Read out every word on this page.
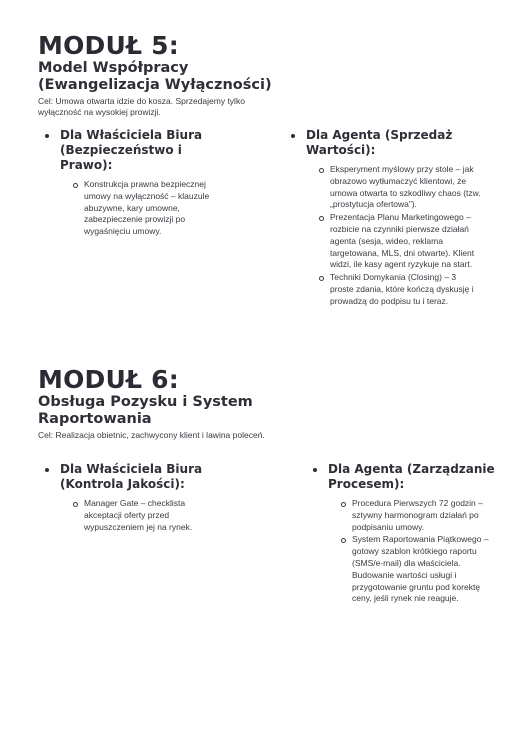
MODUŁ 5:
Model Współpracy (Ewangelizacja Wyłączności)

Cel: Umowa otwarta idzie do kosza. Sprzedajemy tylko wyłączność na wysokiej prowizji.

Dla Właściciela Biura (Bezpieczeństwo i Prawo):
Konstrukcja prawna bezpiecznej umowy na wyłączność – klauzule abuzywne, kary umowne, zabezpieczenie prowizji po wygaśnięciu umowy.
Dla Agenta (Sprzedaż Wartości):
Eksperyment myślowy przy stole – jak obrazowo wytłumaczyć klientowi, że umowa otwarta to szkodliwy chaos (tzw. „prostytucja ofertowa”).
Prezentacja Planu Marketingowego – rozbicie na czynniki pierwsze działań agenta (sesja, wideo, reklama targetowana, MLS, dni otwarte). Klient widzi, ile kasy agent ryzykuje na start.
Techniki Domykania (Closing) – 3 proste zdania, które kończą dyskusję i prowadzą do podpisu tu i teraz.
MODUŁ 6:
Obsługa Pozysku i System Raportowania

Cel: Realizacja obietnic, zachwycony klient i lawina poleceń.

Dla Właściciela Biura (Kontrola Jakości):
Manager Gate – checklista akceptacji oferty przed wypuszczeniem jej na rynek.
Dla Agenta (Zarządzanie Procesem):
Procedura Pierwszych 72 godzin – sztywny harmonogram działań po podpisaniu umowy.
System Raportowania Piątkowego – gotowy szablon krótkiego raportu (SMS/e-mail) dla właściciela. Budowanie wartości usługi i przygotowanie gruntu pod korektę ceny, jeśli rynek nie reaguje.
